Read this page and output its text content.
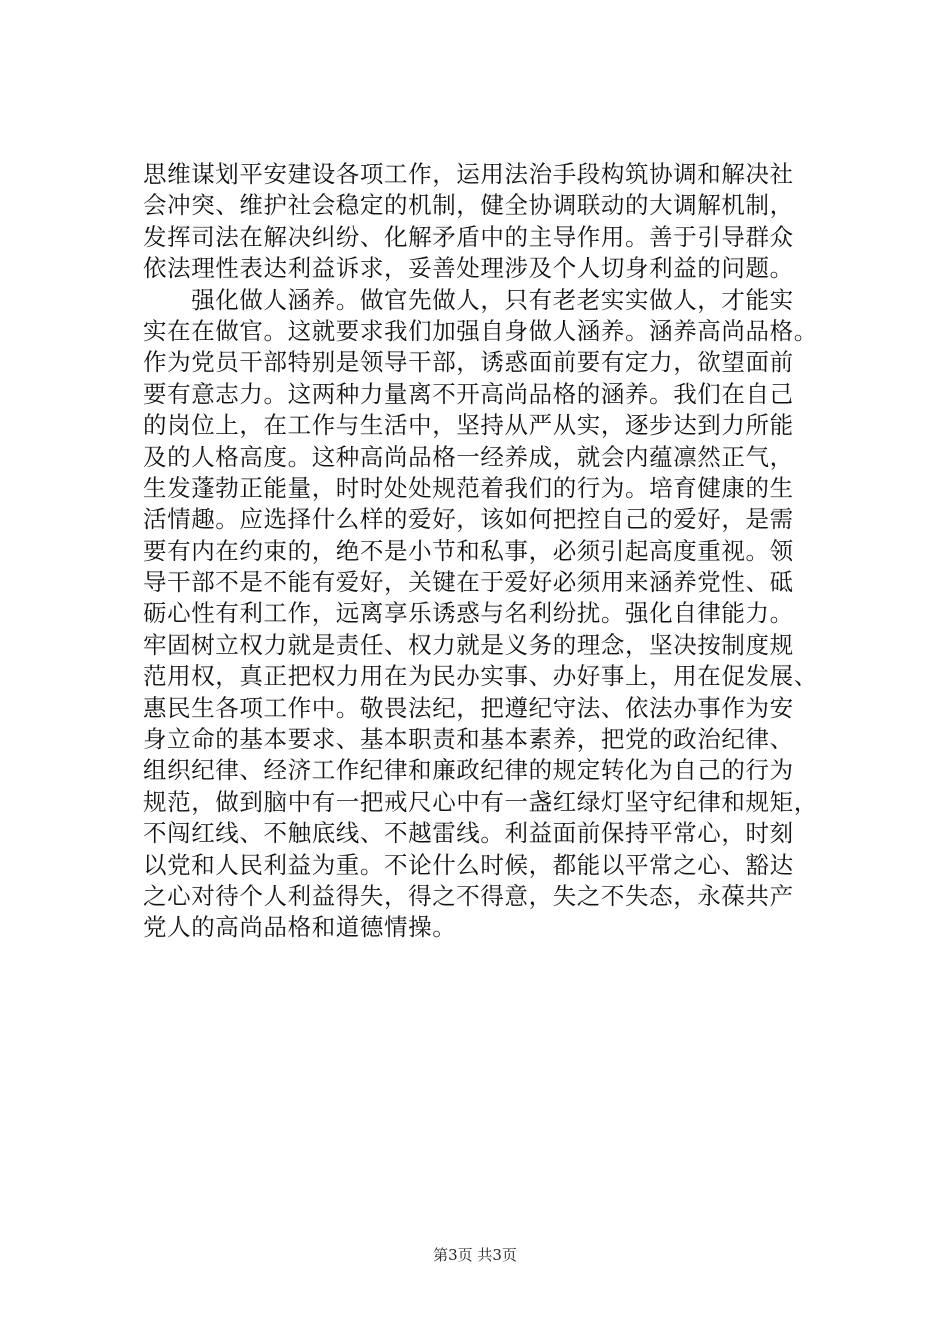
思维谋划平安建设各项工作，运用法治手段构筑协调和解决社
会冲突、维护社会稳定的机制，健全协调联动的大调解机制，
发挥司法在解决纠纷、化解矛盾中的主导作用。善于引导群众
依法理性表达利益诉求，妥善处理涉及个人切身利益的问题。
　　强化做人涵养。做官先做人，只有老老实实做人，才能实
实在在做官。这就要求我们加强自身做人涵养。涵养高尚品格。
作为党员干部特别是领导干部，诱惑面前要有定力，欲望面前
要有意志力。这两种力量离不开高尚品格的涵养。我们在自己
的岗位上，在工作与生活中，坚持从严从实，逐步达到力所能
及的人格高度。这种高尚品格一经养成，就会内蕴凛然正气，
生发蓬勃正能量，时时处处规范着我们的行为。培育健康的生
活情趣。应选择什么样的爱好，该如何把控自己的爱好，是需
要有内在约束的，绝不是小节和私事，必须引起高度重视。领
导干部不是不能有爱好，关键在于爱好必须用来涵养党性、砥
砺心性有利工作，远离享乐诱惑与名利纷扰。强化自律能力。
牢固树立权力就是责任、权力就是义务的理念，坚决按制度规
范用权，真正把权力用在为民办实事、办好事上，用在促发展、
惠民生各项工作中。敬畏法纪，把遵纪守法、依法办事作为安
身立命的基本要求、基本职责和基本素养，把党的政治纪律、
组织纪律、经济工作纪律和廉政纪律的规定转化为自己的行为
规范，做到脑中有一把戒尺心中有一盏红绿灯坚守纪律和规矩，
不闯红线、不触底线、不越雷线。利益面前保持平常心，时刻
以党和人民利益为重。不论什么时候，都能以平常之心、豁达
之心对待个人利益得失，得之不得意，失之不失态，永葆共产
党人的高尚品格和道德情操。
第3页 共3页
